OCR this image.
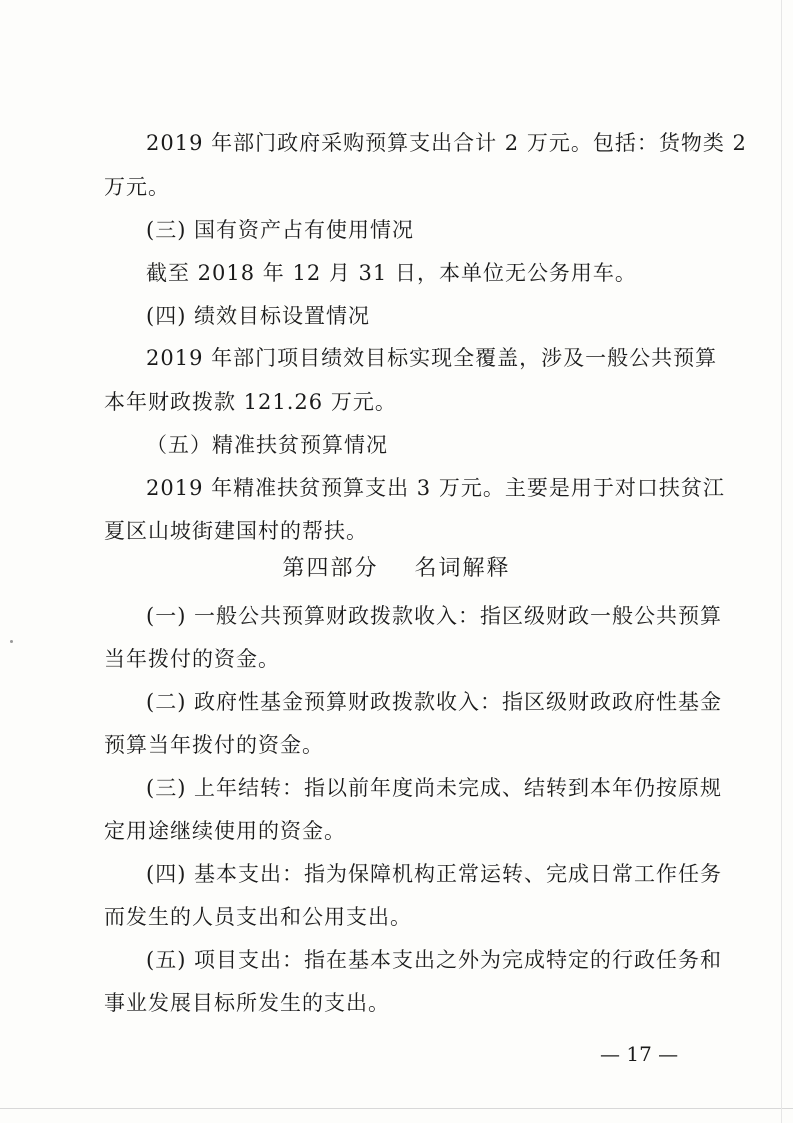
2019 年部门政府采购预算支出合计 2 万元。包括：货物类 2
万元。
(三) 国有资产占有使用情况
截至 2018 年 12 月 31 日，本单位无公务用车。
(四) 绩效目标设置情况
2019 年部门项目绩效目标实现全覆盖，涉及一般公共预算
本年财政拨款 121.26 万元。
（五）精准扶贫预算情况
2019 年精准扶贫预算支出 3 万元。主要是用于对口扶贫江
夏区山坡街建国村的帮扶。
第四部分    名词解释
(一) 一般公共预算财政拨款收入：指区级财政一般公共预算
当年拨付的资金。
(二) 政府性基金预算财政拨款收入：指区级财政政府性基金
预算当年拨付的资金。
(三) 上年结转：指以前年度尚未完成、结转到本年仍按原规
定用途继续使用的资金。
(四) 基本支出：指为保障机构正常运转、完成日常工作任务
而发生的人员支出和公用支出。
(五) 项目支出：指在基本支出之外为完成特定的行政任务和
事业发展目标所发生的支出。
— 17 —
